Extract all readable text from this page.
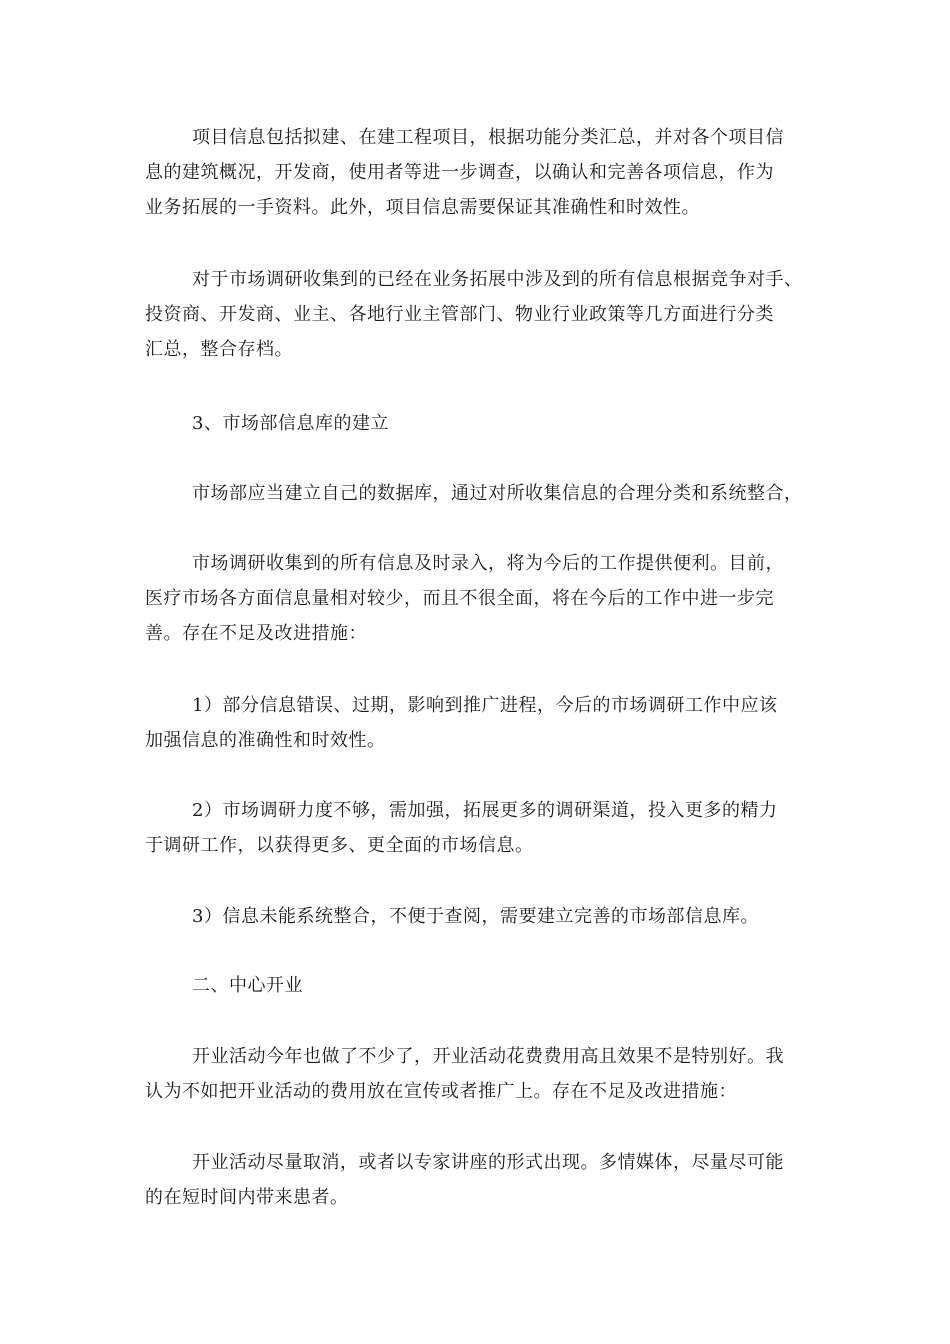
项目信息包括拟建、在建工程项目，根据功能分类汇总，并对各个项目信
息的建筑概况，开发商，使用者等进一步调查，以确认和完善各项信息，作为
业务拓展的一手资料。此外，项目信息需要保证其准确性和时效性。

对于市场调研收集到的已经在业务拓展中涉及到的所有信息根据竞争对手、
投资商、开发商、业主、各地行业主管部门、物业行业政策等几方面进行分类
汇总，整合存档。

3、市场部信息库的建立

市场部应当建立自己的数据库，通过对所收集信息的合理分类和系统整合，

市场调研收集到的所有信息及时录入，将为今后的工作提供便利。目前，
医疗市场各方面信息量相对较少，而且不很全面，将在今后的工作中进一步完
善。存在不足及改进措施：

1）部分信息错误、过期，影响到推广进程，今后的市场调研工作中应该
加强信息的准确性和时效性。

2）市场调研力度不够，需加强，拓展更多的调研渠道，投入更多的精力
于调研工作，以获得更多、更全面的市场信息。

3）信息未能系统整合，不便于查阅，需要建立完善的市场部信息库。

二、中心开业

开业活动今年也做了不少了，开业活动花费费用高且效果不是特别好。我
认为不如把开业活动的费用放在宣传或者推广上。存在不足及改进措施：

开业活动尽量取消，或者以专家讲座的形式出现。多情媒体，尽量尽可能
的在短时间内带来患者。
